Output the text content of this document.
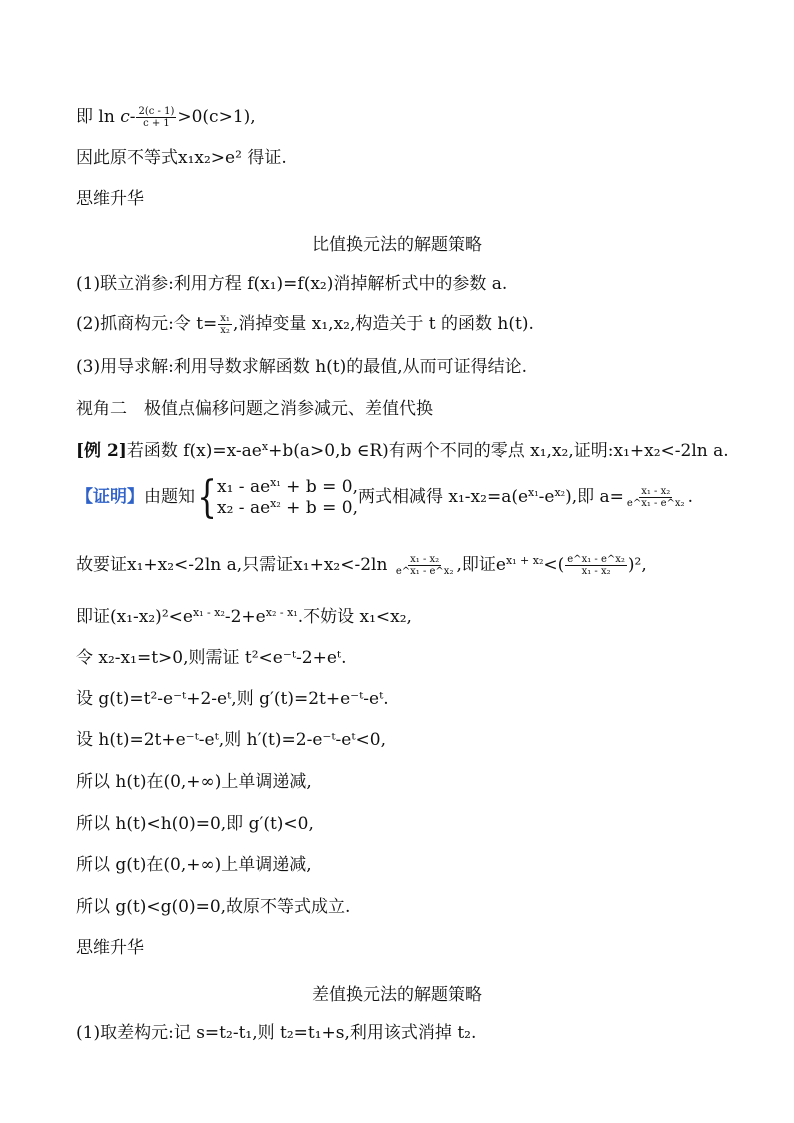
即 $\ln c- \frac{2(c - 1)}{c + 1} >0(c>1)$,
因此原不等式x₁x₂>e² 得证.
思维升华
比值换元法的解题策略
(1)联立消参:利用方程 f(x₁)=f(x₂)消掉解析式中的参数 a.
(2)抓商构元:令 $t= \frac{\text{x₁}}{\text{x₂}}$ ,消掉变量 x₁,x₂,构造关于 t 的函数 h(t).
(3)用导求解:利用导数求解函数 h(t)的最值,从而可证得结论.
视角二　极值点偏移问题之消参减元、差值代换
[例 2]若函数 $f(x)=x-ae^x+b(a>0,b$ ∈R)有两个不同的零点 x₁,x₂,证明:x₁+x₂<-2ln a.
【证明】由题知{ $x_1 - ae^{x_1} + b = 0$,
$x_2 - ae^{x_2} + b = 0$,
两式相减得 $x_1-x_2=a(e^{x_1}-e^{x_2})$,即 $a= \frac{\text{x₁ - x₂}}{\text{e\textasciicircum{}x₁ - e\textasciicircum{}x₂}}$ .
故要证x₁+x₂<-2ln a,只需证$x_1+x_2<-2\ln \frac{\text{x₁ - x₂}}{\text{e\textasciicircum{}x₁ - e\textasciicircum{}x₂}}$ ,即证$e^{x_1 + x_2}<( \frac{\text{e\textasciicircum{}x₁ - e\textasciicircum{}x₂}}{\text{x₁ - x₂}} )^2$,
即证$(x_1-x_2)^2<e^{x_1 - x_2}-2+e^{x_2 - x_1}$.不妨设 x₁<x₂,
令 x₂-x₁=t>0,则需证 t²<e⁻ᵗ-2+eᵗ.
设 g(t)=t²-e⁻ᵗ+2-eᵗ,则 g′(t)=2t+e⁻ᵗ-eᵗ.
设 h(t)=2t+e⁻ᵗ-eᵗ,则 h′(t)=2-e⁻ᵗ-eᵗ<0,
所以 h(t)在(0,+∞)上单调递减,
所以 h(t)<h(0)=0,即 g′(t)<0,
所以 g(t)在(0,+∞)上单调递减,
所以 g(t)<g(0)=0,故原不等式成立.
思维升华
差值换元法的解题策略
(1)取差构元:记 s=t₂-t₁,则 t₂=t₁+s,利用该式消掉 t₂.
